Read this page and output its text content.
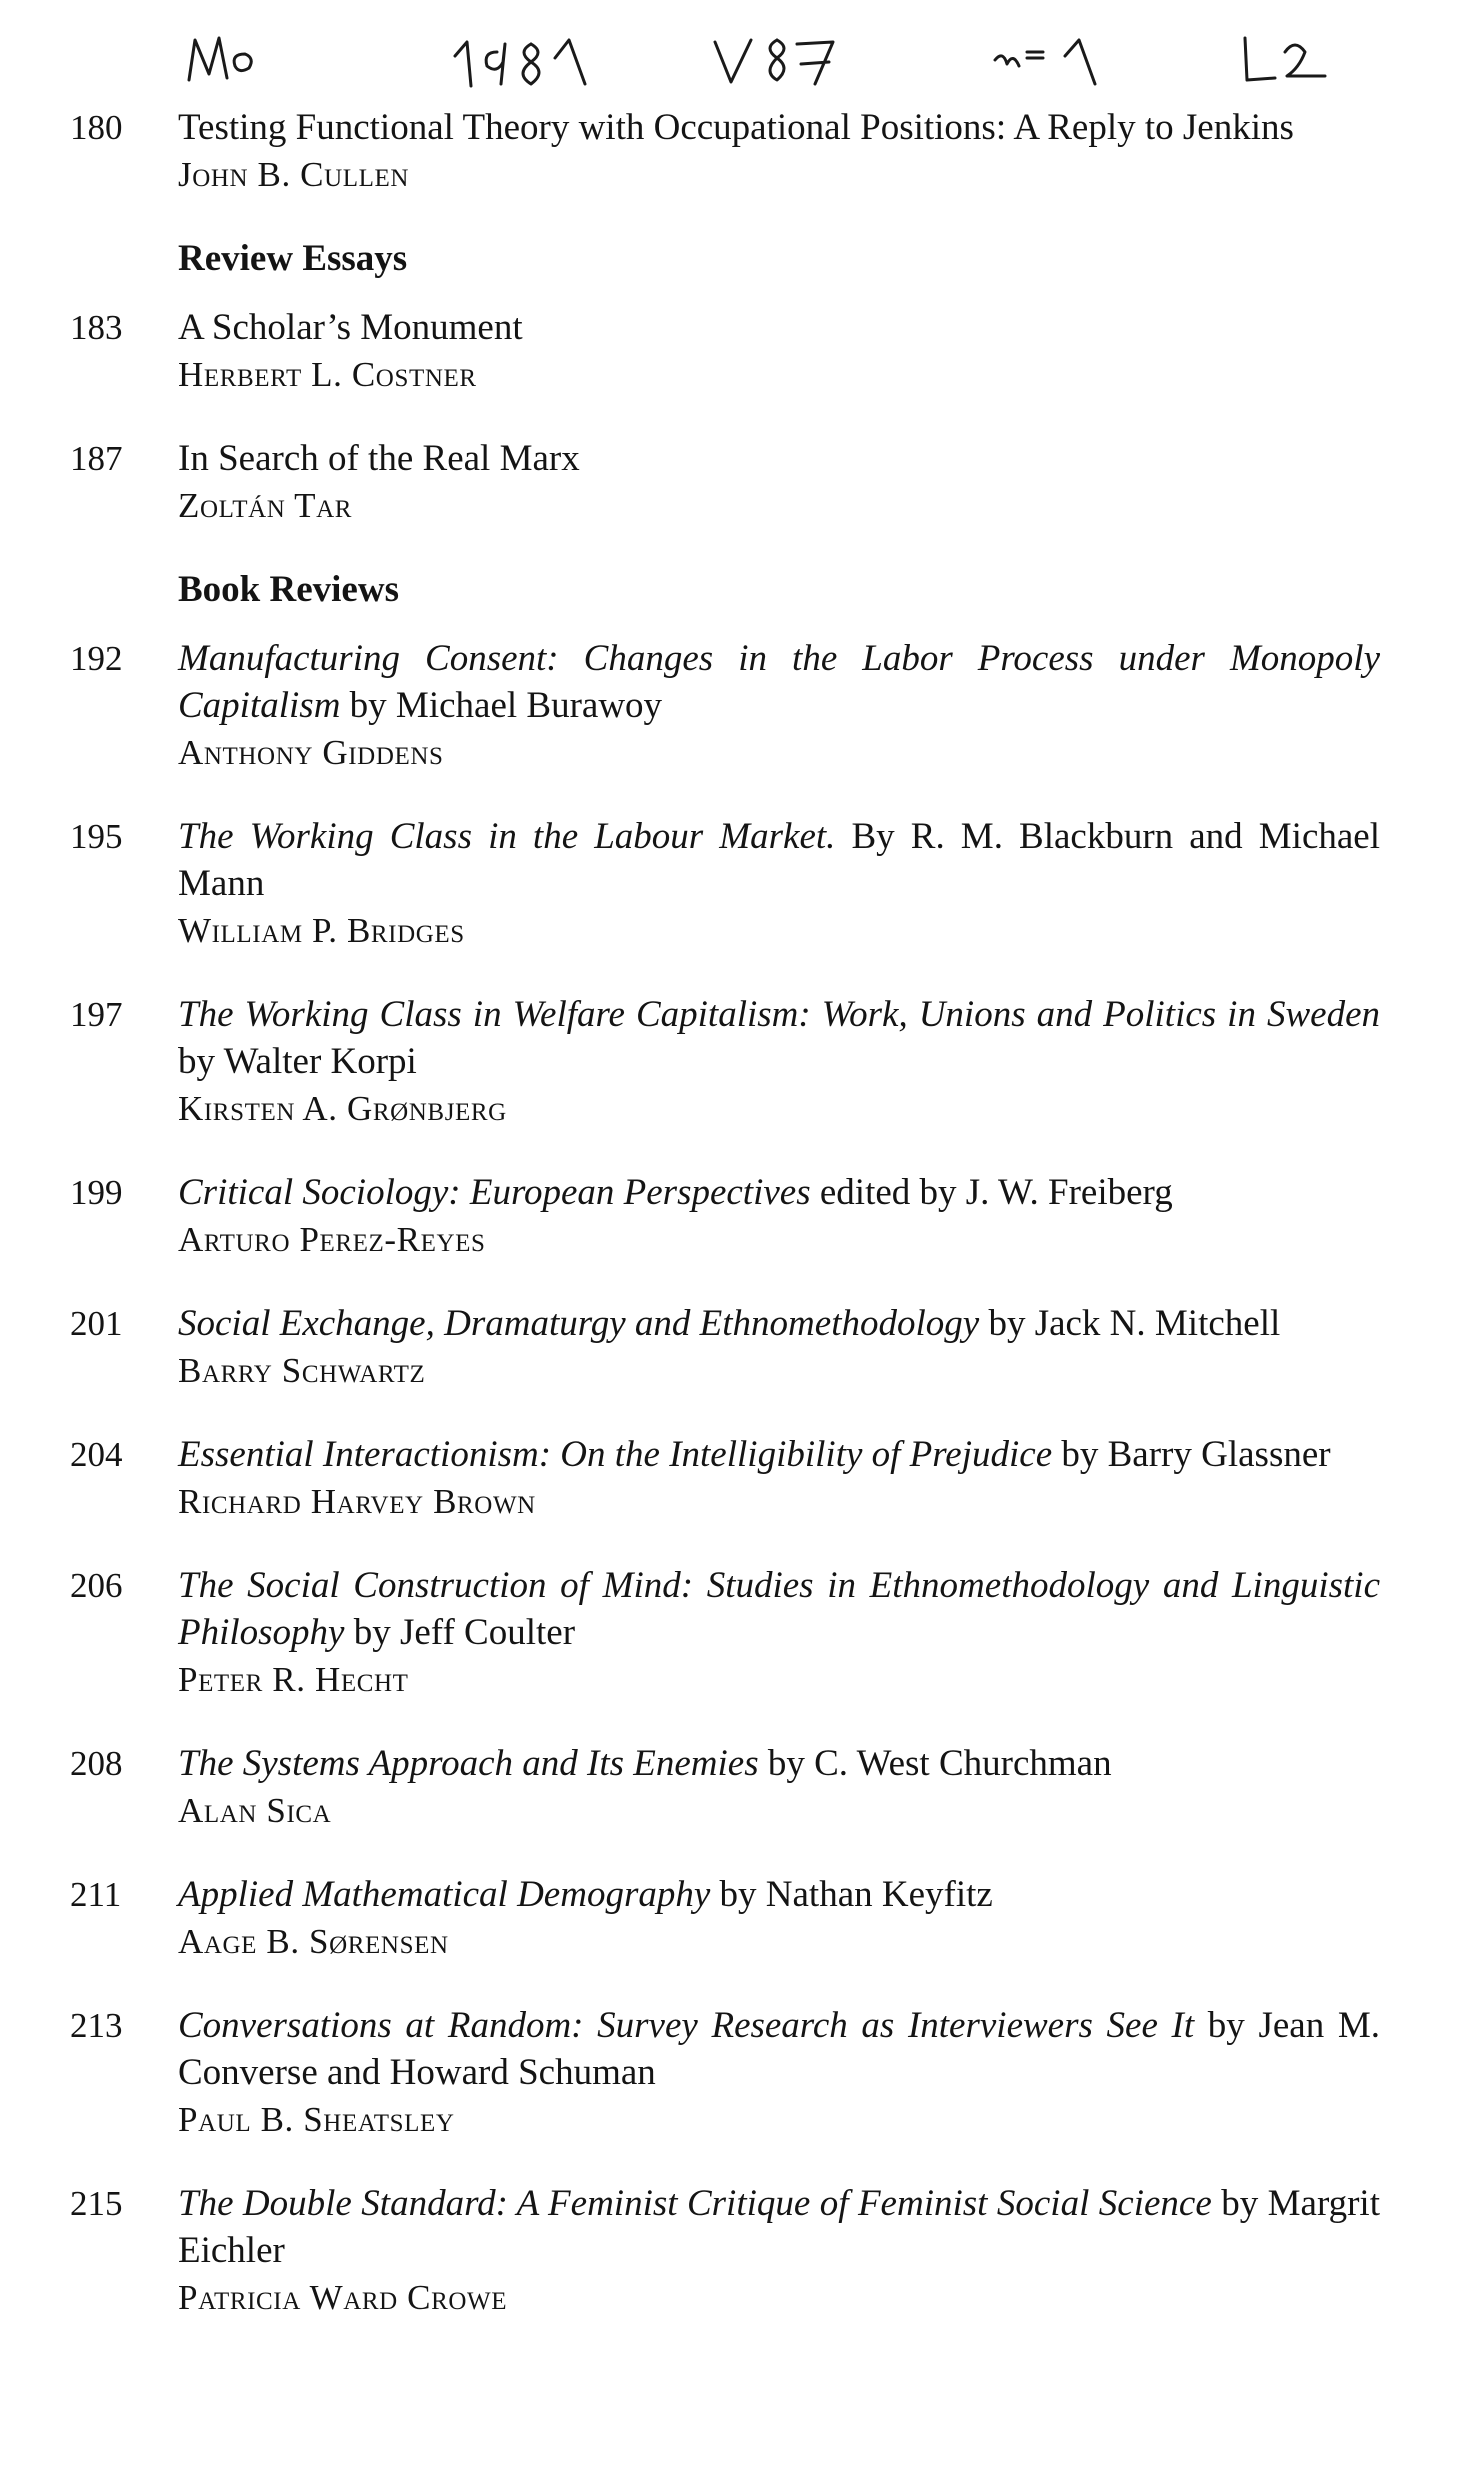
180	Testing Functional Theory with Occupational Positions: A Reply to Jenkins
John B. Cullen
Review Essays
183	A Scholar’s Monument
Herbert L. Costner
187	In Search of the Real Marx
Zoltán Tar
Book Reviews
192	Manufacturing Consent: Changes in the Labor Process under Monopoly Capitalism by Michael Burawoy
Anthony Giddens
195	The Working Class in the Labour Market. By R. M. Blackburn and Michael Mann
William P. Bridges
197	The Working Class in Welfare Capitalism: Work, Unions and Politics in Sweden by Walter Korpi
Kirsten A. Grønbjerg
199	Critical Sociology: European Perspectives edited by J. W. Freiberg
Arturo Perez-Reyes
201	Social Exchange, Dramaturgy and Ethnomethodology by Jack N. Mitchell
Barry Schwartz
204	Essential Interactionism: On the Intelligibility of Prejudice by Barry Glassner
Richard Harvey Brown
206	The Social Construction of Mind: Studies in Ethnomethodology and Linguistic Philosophy by Jeff Coulter
Peter R. Hecht
208	The Systems Approach and Its Enemies by C. West Churchman
Alan Sica
211	Applied Mathematical Demography by Nathan Keyfitz
Aage B. Sørensen
213	Conversations at Random: Survey Research as Interviewers See It by Jean M. Converse and Howard Schuman
Paul B. Sheatsley
215	The Double Standard: A Feminist Critique of Feminist Social Science by Margrit Eichler
Patricia Ward Crowe
